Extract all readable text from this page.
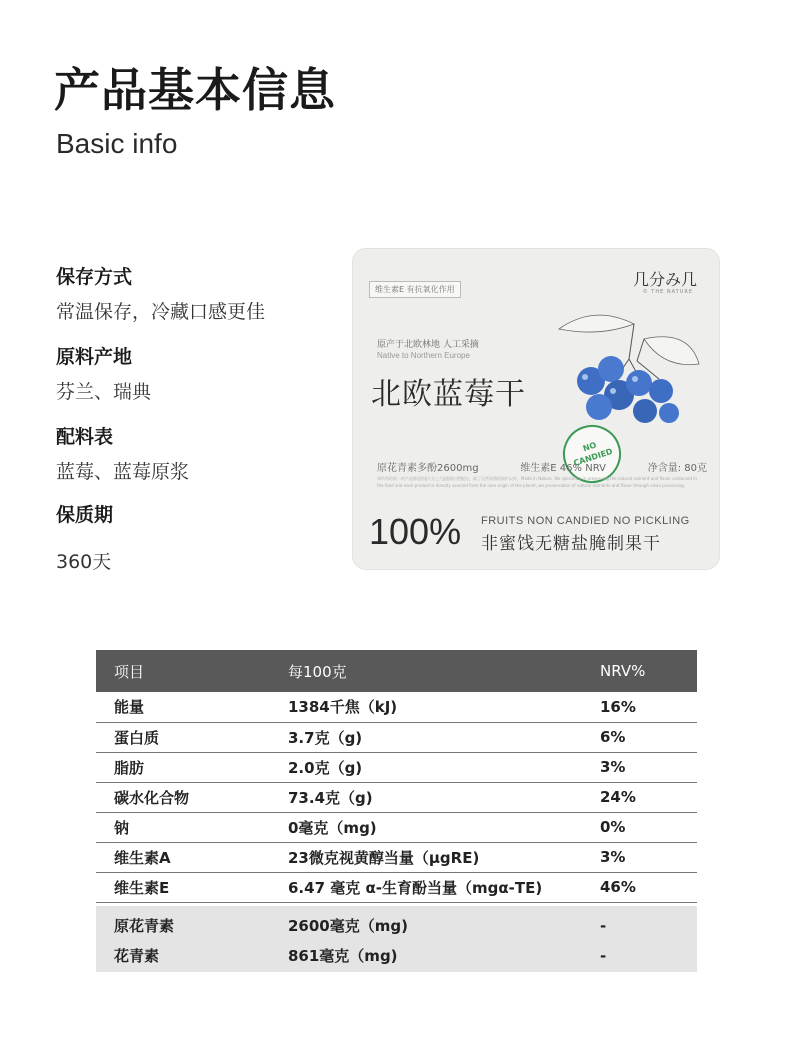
产品基本信息
Basic info
保存方式
常温保存，冷藏口感更佳
原料产地
芬兰、瑞典
配料表
蓝莓、蓝莓原浆
保质期
360天
维生素E 有抗氧化作用
几分み几
© THE NATURE
原产于北欧林地 人工采摘
Native to Northern Europe
北欧蓝莓干
NO CANDIED
原花青素多酚2600mg	维生素E 46% NRV	净含量: 80克
和所有的第一的产品都坚持‖几分之几‖遵循自然配比，除了自然果酒的保护以外。Made in Nature. We specialize in preserving the natural nutrient and flavor contained in the food and each product is directly sourced from the core origin of the planet, we preservation of natural nutrients and flavor through clean processing.
100% FRUITS NON CANDIED NO PICKLING
非蜜饯无糖盐腌制果干
项目	每100克	NRV%
能量	1384千焦（kJ)	16%
蛋白质	3.7克（g)	6%
脂肪	2.0克（g)	3%
碳水化合物	73.4克（g)	24%
钠	0毫克（mg)	0%
维生素A	23微克视黄醇当量（μgRE)	3%
维生素E	6.47 毫克 α-生育酚当量（mgα-TE)	46%

原花青素	2600毫克（mg)	-
花青素	861毫克（mg)	-
